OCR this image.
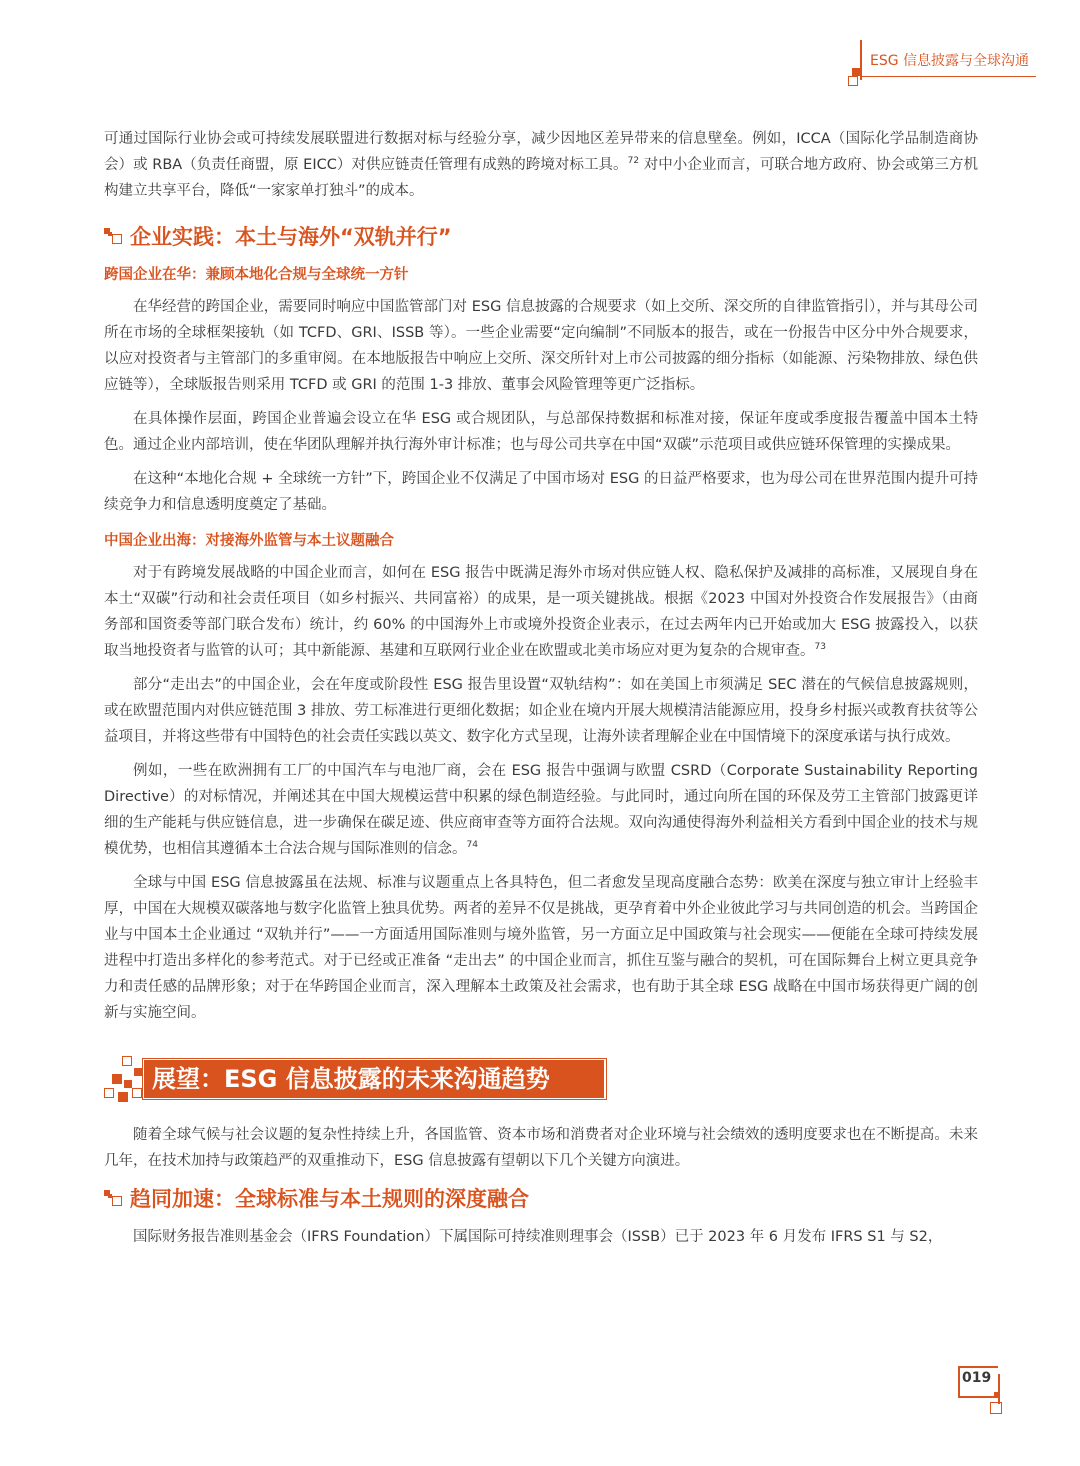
ESG 信息披露与全球沟通

可通过国际行业协会或可持续发展联盟进行数据对标与经验分享，减少因地区差异带来的信息壁垒。例如，ICCA（国际化学品制造商协会）或 RBA（负责任商盟，原 EICC）对供应链责任管理有成熟的跨境对标工具。$^{72}$ 对中小企业而言，可联合地方政府、协会或第三方机构建立共享平台，降低“一家家单打独斗”的成本。

企业实践：本土与海外“双轨并行”
跨国企业在华：兼顾本地化合规与全球统一方针

在华经营的跨国企业，需要同时响应中国监管部门对 ESG 信息披露的合规要求（如上交所、深交所的自律监管指引），并与其母公司所在市场的全球框架接轨（如 TCFD、GRI、ISSB 等）。一些企业需要“定向编制”不同版本的报告，或在一份报告中区分中外合规要求，以应对投资者与主管部门的多重审阅。在本地版报告中响应上交所、深交所针对上市公司披露的细分指标（如能源、污染物排放、绿色供应链等），全球版报告则采用 TCFD 或 GRI 的范围 1-3 排放、董事会风险管理等更广泛指标。

在具体操作层面，跨国企业普遍会设立在华 ESG 或合规团队，与总部保持数据和标准对接，保证年度或季度报告覆盖中国本土特色。通过企业内部培训，使在华团队理解并执行海外审计标准；也与母公司共享在中国“双碳”示范项目或供应链环保管理的实操成果。

在这种“本地化合规 + 全球统一方针”下，跨国企业不仅满足了中国市场对 ESG 的日益严格要求，也为母公司在世界范围内提升可持续竞争力和信息透明度奠定了基础。

中国企业出海：对接海外监管与本土议题融合

对于有跨境发展战略的中国企业而言，如何在 ESG 报告中既满足海外市场对供应链人权、隐私保护及减排的高标准，又展现自身在本土“双碳”行动和社会责任项目（如乡村振兴、共同富裕）的成果，是一项关键挑战。根据《2023 中国对外投资合作发展报告》（由商务部和国资委等部门联合发布）统计，约 60% 的中国海外上市或境外投资企业表示，在过去两年内已开始或加大 ESG 披露投入，以获取当地投资者与监管的认可；其中新能源、基建和互联网行业企业在欧盟或北美市场应对更为复杂的合规审查。$^{73}$

部分“走出去”的中国企业，会在年度或阶段性 ESG 报告里设置“双轨结构”：如在美国上市须满足 SEC 潜在的气候信息披露规则，或在欧盟范围内对供应链范围 3 排放、劳工标准进行更细化数据；如企业在境内开展大规模清洁能源应用，投身乡村振兴或教育扶贫等公益项目，并将这些带有中国特色的社会责任实践以英文、数字化方式呈现，让海外读者理解企业在中国情境下的深度承诺与执行成效。

例如，一些在欧洲拥有工厂的中国汽车与电池厂商，会在 ESG 报告中强调与欧盟 CSRD（Corporate Sustainability Reporting Directive）的对标情况，并阐述其在中国大规模运营中积累的绿色制造经验。与此同时，通过向所在国的环保及劳工主管部门披露更详细的生产能耗与供应链信息，进一步确保在碳足迹、供应商审查等方面符合法规。双向沟通使得海外利益相关方看到中国企业的技术与规模优势，也相信其遵循本土合法合规与国际准则的信念。$^{74}$

全球与中国 ESG 信息披露虽在法规、标准与议题重点上各具特色，但二者愈发呈现高度融合态势：欧美在深度与独立审计上经验丰厚，中国在大规模双碳落地与数字化监管上独具优势。两者的差异不仅是挑战，更孕育着中外企业彼此学习与共同创造的机会。当跨国企业与中国本土企业通过 “双轨并行”——一方面适用国际准则与境外监管，另一方面立足中国政策与社会现实——便能在全球可持续发展进程中打造出多样化的参考范式。对于已经或正准备 “走出去” 的中国企业而言，抓住互鉴与融合的契机，可在国际舞台上树立更具竞争力和责任感的品牌形象；对于在华跨国企业而言，深入理解本土政策及社会需求，也有助于其全球 ESG 战略在中国市场获得更广阔的创新与实施空间。

展望：ESG 信息披露的未来沟通趋势

随着全球气候与社会议题的复杂性持续上升，各国监管、资本市场和消费者对企业环境与社会绩效的透明度要求也在不断提高。未来几年，在技术加持与政策趋严的双重推动下，ESG 信息披露有望朝以下几个关键方向演进。

趋同加速：全球标准与本土规则的深度融合

国际财务报告准则基金会（IFRS Foundation）下属国际可持续准则理事会（ISSB）已于 2023 年 6 月发布 IFRS S1 与 S2，

019
